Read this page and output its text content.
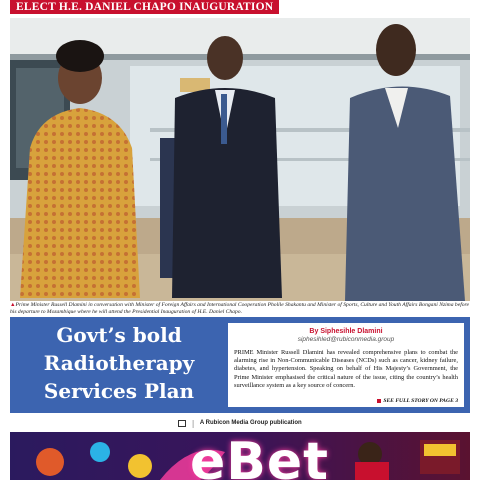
ELECT H.E. DANIEL CHAPO INAUGURATION
▲Prime Minister Russell Dlamini in conversation with Minister of Foreign Affairs and International Cooperation Pholile Shakantu and Minister of Sports, Culture and Youth Affairs Bongani Nzima before his departure to Mozambique where he will attend the Presidential Inauguration of H.E. Daniel Chapo.
Govt’s bold Radiotherapy Services Plan
By Siphesihle Dlamini
siphesihled@rubiconmedia.group
PRIME Minister Russell Dlamini has revealed comprehensive plans to combat the alarming rise in Non-Communicable Diseases (NCDs) such as cancer, kidney failure, diabetes, and hypertension. Speaking on behalf of His Majesty’s Government, the Prime Minister emphasised the critical nature of the issue, citing the country’s health surveillance system as a key source of concern.
SEE FULL STORY ON PAGE 3
| A Rubicon Media Group publication
eBet
